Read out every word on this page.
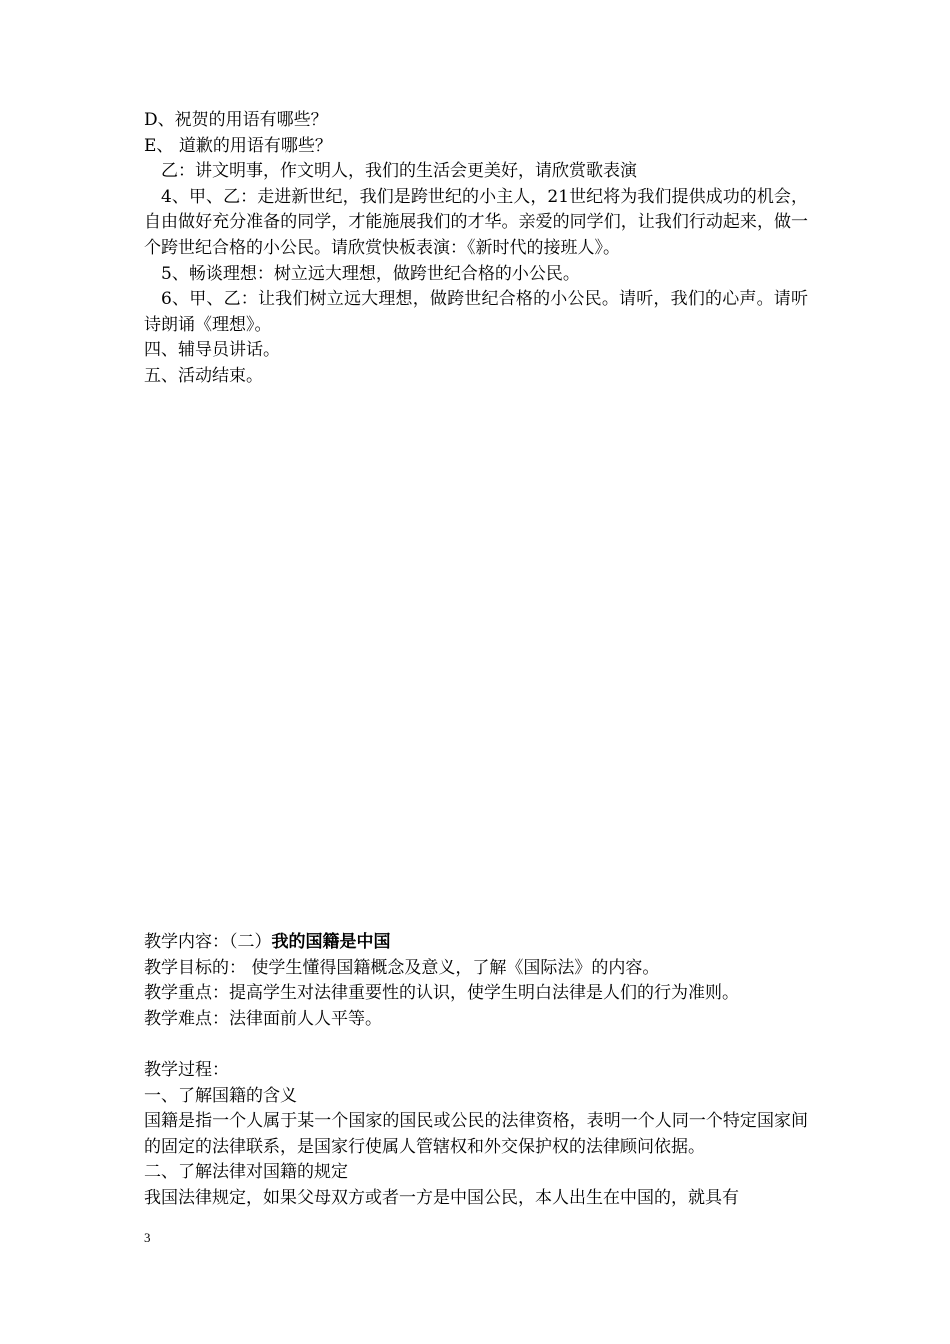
D、祝贺的用语有哪些？
E、 道歉的用语有哪些？
乙：讲文明事，作文明人，我们的生活会更美好，请欣赏歌表演
4、甲、乙：走进新世纪，我们是跨世纪的小主人，21世纪将为我们提供成功的机会，自由做好充分准备的同学，才能施展我们的才华。亲爱的同学们，让我们行动起来，做一个跨世纪合格的小公民。请欣赏快板表演：《新时代的接班人》。
5、畅谈理想：树立远大理想，做跨世纪合格的小公民。
6、甲、乙：让我们树立远大理想，做跨世纪合格的小公民。请听，我们的心声。请听诗朗诵《理想》。
四、辅导员讲话。
五、活动结束。
教学内容：（二）我的国籍是中国
教学目标的： 使学生懂得国籍概念及意义，了解《国际法》的内容。
教学重点：提高学生对法律重要性的认识，使学生明白法律是人们的行为准则。
教学难点：法律面前人人平等。
教学过程：
一、了解国籍的含义
国籍是指一个人属于某一个国家的国民或公民的法律资格，表明一个人同一个特定国家间的固定的法律联系，是国家行使属人管辖权和外交保护权的法律顾问依据。
二、了解法律对国籍的规定
我国法律规定，如果父母双方或者一方是中国公民，本人出生在中国的，就具有
3
